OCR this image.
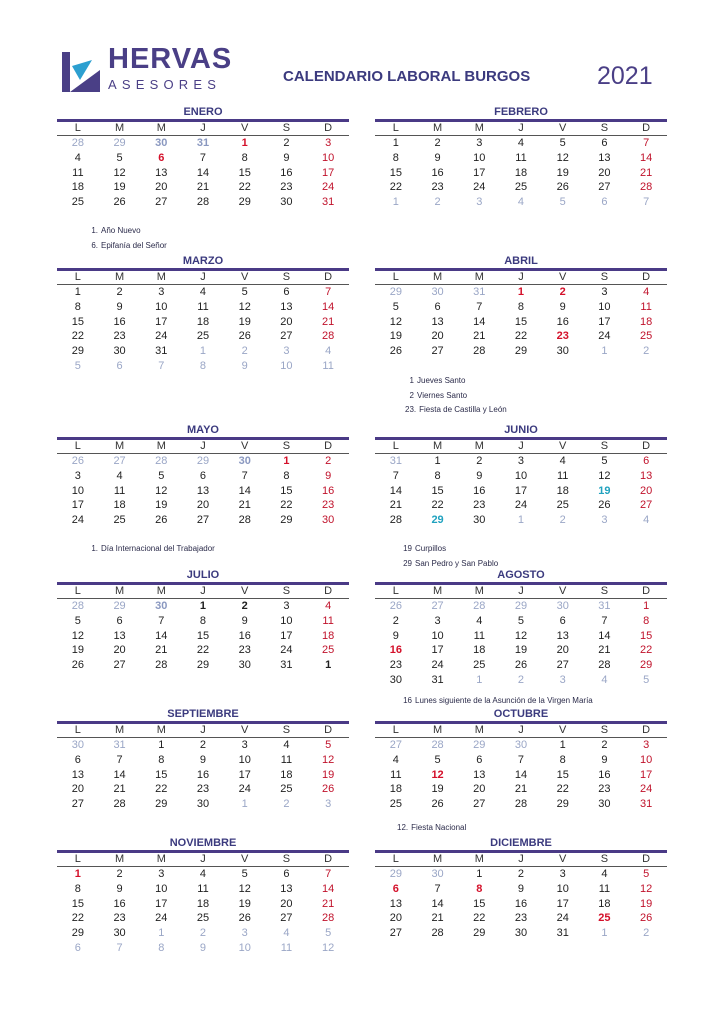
HERVAS
ASESORES	CALENDARIO LABORAL BURGOS	2021
ENERO
L	M	M	J	V	S	D
28	29	30	31	1	2	3
4	5	6	7	8	9	10
11	12	13	14	15	16	17
18	19	20	21	22	23	24
25	26	27	28	29	30	31
FEBRERO
L	M	M	J	V	S	D
1	2	3	4	5	6	7
8	9	10	11	12	13	14
15	16	17	18	19	20	21
22	23	24	25	26	27	28
1	2	3	4	5	6	7
MARZO
L	M	M	J	V	S	D
1	2	3	4	5	6	7
8	9	10	11	12	13	14
15	16	17	18	19	20	21
22	23	24	25	26	27	28
29	30	31	1	2	3	4
5	6	7	8	9	10	11
ABRIL
L	M	M	J	V	S	D
29	30	31	1	2	3	4
5	6	7	8	9	10	11
12	13	14	15	16	17	18
19	20	21	22	23	24	25
26	27	28	29	30	1	2
MAYO
L	M	M	J	V	S	D
26	27	28	29	30	1	2
3	4	5	6	7	8	9
10	11	12	13	14	15	16
17	18	19	20	21	22	23
24	25	26	27	28	29	30
JUNIO
L	M	M	J	V	S	D
31	1	2	3	4	5	6
7	8	9	10	11	12	13
14	15	16	17	18	19	20
21	22	23	24	25	26	27
28	29	30	1	2	3	4
JULIO
L	M	M	J	V	S	D
28	29	30	1	2	3	4
5	6	7	8	9	10	11
12	13	14	15	16	17	18
19	20	21	22	23	24	25
26	27	28	29	30	31	1
AGOSTO
L	M	M	J	V	S	D
26	27	28	29	30	31	1
2	3	4	5	6	7	8
9	10	11	12	13	14	15
16	17	18	19	20	21	22
23	24	25	26	27	28	29
30	31	1	2	3	4	5
SEPTIEMBRE
L	M	M	J	V	S	D
30	31	1	2	3	4	5
6	7	8	9	10	11	12
13	14	15	16	17	18	19
20	21	22	23	24	25	26
27	28	29	30	1	2	3
OCTUBRE
L	M	M	J	V	S	D
27	28	29	30	1	2	3
4	5	6	7	8	9	10
11	12	13	14	15	16	17
18	19	20	21	22	23	24
25	26	27	28	29	30	31
NOVIEMBRE
L	M	M	J	V	S	D
1	2	3	4	5	6	7
8	9	10	11	12	13	14
15	16	17	18	19	20	21
22	23	24	25	26	27	28
29	30	1	2	3	4	5
6	7	8	9	10	11	12
DICIEMBRE
L	M	M	J	V	S	D
29	30	1	2	3	4	5
6	7	8	9	10	11	12
13	14	15	16	17	18	19
20	21	22	23	24	25	26
27	28	29	30	31	1	2
1. Año Nuevo
6. Epifanía del Señor
1 Jueves Santo
2 Viernes Santo
23. Fiesta de Castilla y León
1. Día Internacional del Trabajador	19 Curpillos
29 San Pedro y San Pablo
16 Lunes siguiente de la Asunción de la Virgen María
12. Fiesta Nacional
